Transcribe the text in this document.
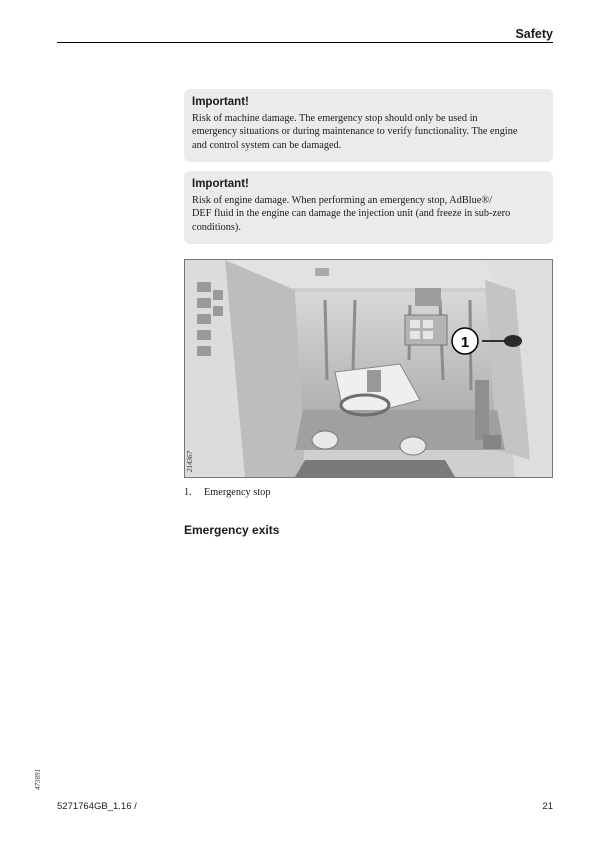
Safety

Important!

Risk of machine damage. The emergency stop should only be used in
emergency situations or during maintenance to verify functionality. The engine
and control system can be damaged.

Important!

Risk of engine damage. When performing an emergency stop, AdBlue®/
DEF fluid in the engine can damage the injection unit (and freeze in sub-zero
conditions).

1
214367
1. Emergency stop
Emergency exits
473891
5271764GB_1.16 /	21
